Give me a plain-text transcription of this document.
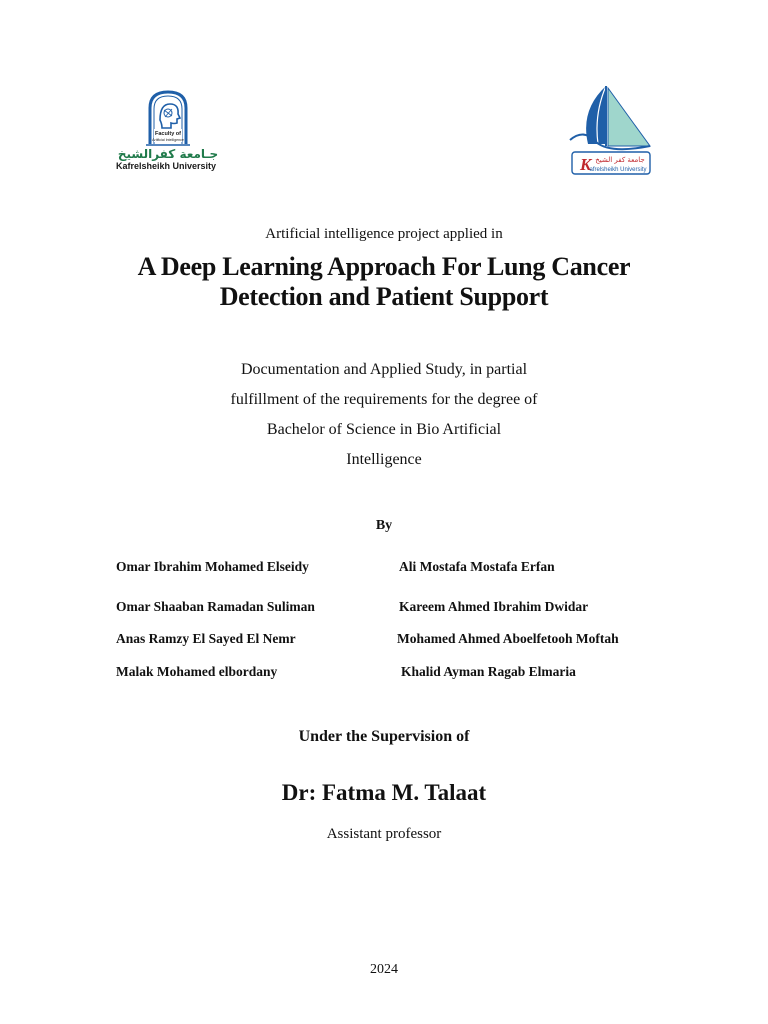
Faculty of
Artificial Intelligence
جـامعة كفرالشيخ
Kafrelsheikh University	K جامعة كفر الشيخ
afrelsheikh University
Artificial intelligence project applied in
A Deep Learning Approach For Lung Cancer
Detection and Patient Support
Documentation and Applied Study, in partial
fulfillment of the requirements for the degree of
Bachelor of Science in Bio Artificial
Intelligence
By
Omar Ibrahim Mohamed Elseidy
Omar Shaaban Ramadan Suliman
Anas Ramzy El Sayed El Nemr
Malak Mohamed elbordany
Ali Mostafa Mostafa Erfan
Kareem Ahmed Ibrahim Dwidar
Mohamed Ahmed Aboelfetooh Moftah
Khalid Ayman Ragab Elmaria
Under the Supervision of
Dr: Fatma M. Talaat
Assistant professor
2024
